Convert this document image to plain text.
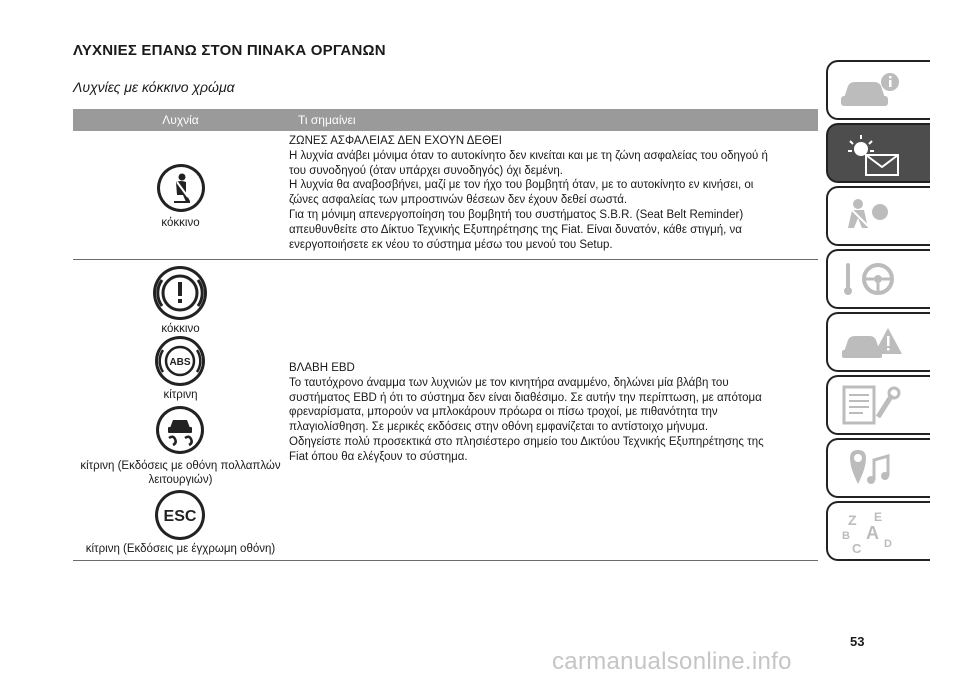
ΛΥΧΝΙΕΣ ΕΠΑΝΩ ΣΤΟΝ ΠΙΝΑΚΑ ΟΡΓΑΝΩΝ
Λυχνίες με κόκκινο χρώμα
Λυχνία	Τι σημαίνει
κόκκινο
ΖΩΝΕΣ ΑΣΦΑΛΕΙΑΣ ΔΕΝ ΕΧΟΥΝ ΔΕΘΕΙ
Η λυχνία ανάβει μόνιμα όταν το αυτοκίνητο δεν κινείται και με τη ζώνη ασφαλείας του οδηγού ή
του συνοδηγού (όταν υπάρχει συνοδηγός) όχι δεμένη.
Η λυχνία θα αναβοσβήνει, μαζί με τον ήχο του βομβητή όταν, με το αυτοκίνητο εν κινήσει, οι
ζώνες ασφαλείας των μπροστινών θέσεων δεν έχουν δεθεί σωστά.
Για τη μόνιμη απενεργοποίηση του βομβητή του συστήματος S.B.R. (Seat Belt Reminder)
απευθυνθείτε στο Δίκτυο Τεχνικής Εξυπηρέτησης της Fiat. Είναι δυνατόν, κάθε στιγμή, να
ενεργοποιήσετε εκ νέου το σύστημα μέσω του μενού του Setup.
κόκκινο
ABS
κίτρινη
κίτρινη (Εκδόσεις με οθόνη πολλαπλών λειτουργιών)
ESC
κίτρινη (Εκδόσεις με έγχρωμη οθόνη)
ΒΛΑΒΗ EBD
Το ταυτόχρονο άναμμα των λυχνιών με τον κινητήρα αναμμένο, δηλώνει μία βλάβη του
συστήματος EBD ή ότι το σύστημα δεν είναι διαθέσιμο. Σε αυτήν την περίπτωση, με απότομα
φρεναρίσματα, μπορούν να μπλοκάρουν πρόωρα οι πίσω τροχοί, με πιθανότητα την
πλαγιολίσθηση. Σε μερικές εκδόσεις στην οθόνη εμφανίζεται το αντίστοιχο μήνυμα.
Οδηγείστε πολύ προσεκτικά στο πλησιέστερο σημείο του Δικτύου Τεχνικής Εξυπηρέτησης της
Fiat όπου θα ελέγξουν το σύστημα.
Z E
A
B
C D
53
carmanualsonline.info
